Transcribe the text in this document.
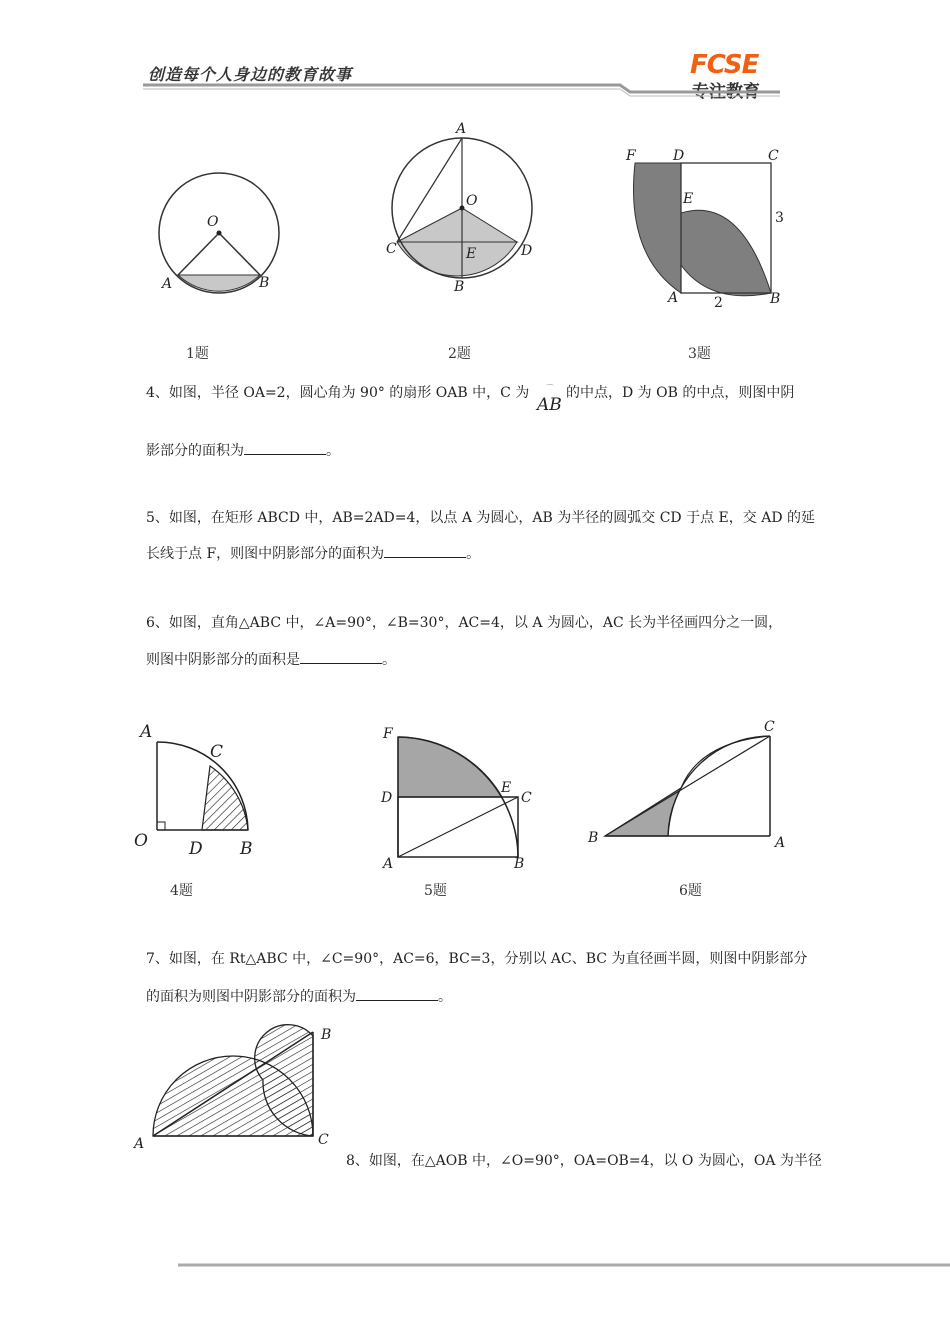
创造每个人身边的教育故事	FCSE
专注教育
O
A	B
1题
A
O
C	E	D
B
2题
F	D	C
E
A	B
3
2
3题
4、如图，半径 OA=2，圆心角为 90° 的扇形 OAB 中，C 为 ⌒
AB
的中点，D 为 OB 的中点，则图中阴
影部分的面积为	。
5、如图，在矩形 ABCD 中，AB=2AD=4，以点 A 为圆心，AB 为半径的圆弧交 CD 于点 E，交 AD 的延
长线于点 F，则图中阴影部分的面积为	。
6、如图，直角△ABC 中，∠A=90°，∠B=30°，AC=4，以 A 为圆心，AC 长为半径画四分之一圆，
则图中阴影部分的面积是	。
A
C
O D B
F
E
C
D
A	B
C
B	A
4题	5题	6题
7、如图，在 Rt△ABC 中，∠C=90°，AC=6，BC=3，分别以 AC、BC 为直径画半圆，则图中阴影部分
的面积为则图中阴影部分的面积为	。
A
B
C
8、如图，在△AOB 中，∠O=90°，OA=OB=4，以 O 为圆心，OA 为半径
